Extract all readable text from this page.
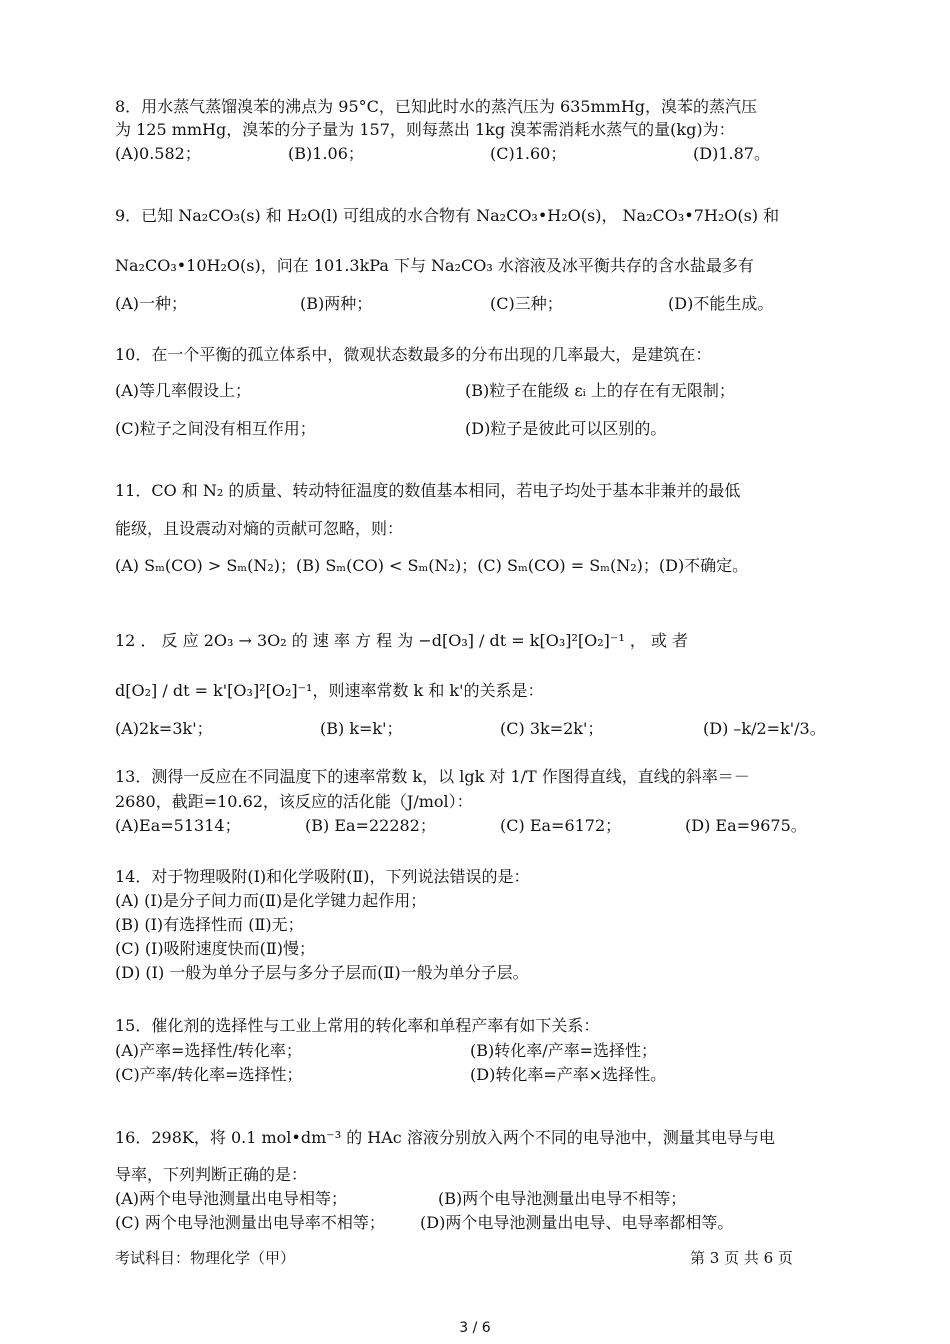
8．用水蒸气蒸馏溴苯的沸点为 95°C，已知此时水的蒸汽压为 635mmHg，溴苯的蒸汽压
为 125 mmHg，溴苯的分子量为 157，则每蒸出 1kg 溴苯需消耗水蒸气的量(kg)为：
(A)0.582；	(B)1.06；	(C)1.60；	(D)1.87。
9．已知 Na₂CO₃(s) 和 H₂O(l) 可组成的水合物有 Na₂CO₃•H₂O(s)， Na₂CO₃•7H₂O(s) 和
Na₂CO₃•10H₂O(s)，问在 101.3kPa 下与 Na₂CO₃ 水溶液及冰平衡共存的含水盐最多有
(A)一种；	(B)两种；	(C)三种；	(D)不能生成。
10．在一个平衡的孤立体系中，微观状态数最多的分布出现的几率最大，是建筑在：
(A)等几率假设上；	(B)粒子在能级 εᵢ 上的存在有无限制；
(C)粒子之间没有相互作用；	(D)粒子是彼此可以区别的。
11．CO 和 N₂ 的质量、转动特征温度的数值基本相同，若电子均处于基本非兼并的最低
能级，且设震动对熵的贡献可忽略，则：
(A) Sₘ(CO) > Sₘ(N₂)；(B) Sₘ(CO) < Sₘ(N₂)；(C) Sₘ(CO) = Sₘ(N₂)；(D)不确定。
12 ． 反 应 2O₃ → 3O₂ 的 速 率 方 程 为 −d[O₃] / dt = k[O₃]²[O₂]⁻¹ ， 或 者
d[O₂] / dt = k'[O₃]²[O₂]⁻¹，则速率常数 k 和 k'的关系是：
(A)2k=3k'；	(B) k=k'；	(C) 3k=2k'；	(D) –k/2=k'/3。
13．测得一反应在不同温度下的速率常数 k，以 lgk 对 1/T 作图得直线，直线的斜率＝－
2680，截距=10.62，该反应的活化能（J/mol）：
(A)Ea=51314；	(B) Ea=22282；	(C) Ea=6172；	(D) Ea=9675。
14．对于物理吸附(Ⅰ)和化学吸附(Ⅱ)，下列说法错误的是：
(A) (Ⅰ)是分子间力而(Ⅱ)是化学键力起作用；
(B) (Ⅰ)有选择性而 (Ⅱ)无；
(C) (Ⅰ)吸附速度快而(Ⅱ)慢；
(D) (Ⅰ) 一般为单分子层与多分子层而(Ⅱ)一般为单分子层。
15．催化剂的选择性与工业上常用的转化率和单程产率有如下关系：
(A)产率=选择性/转化率；	(B)转化率/产率=选择性；
(C)产率/转化率=选择性；	(D)转化率=产率×选择性。
16．298K，将 0.1 mol•dm⁻³ 的 HAc 溶液分别放入两个不同的电导池中，测量其电导与电
导率，下列判断正确的是：
(A)两个电导池测量出电导相等；	(B)两个电导池测量出电导不相等；
(C) 两个电导池测量出电导率不相等； (D)两个电导池测量出电导、电导率都相等。
考试科目：物理化学（甲）	第 3 页 共 6 页
3 / 6
